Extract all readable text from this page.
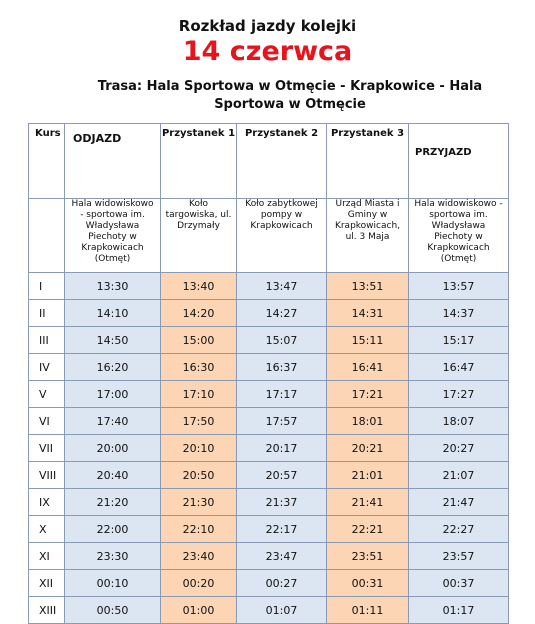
Rozkład jazdy kolejki
14 czerwca
Trasa: Hala Sportowa w Otmęcie - Krapkowice - Hala Sportowa w Otmęcie
Kurs	ODJAZD	Przystanek 1	Przystanek 2	Przystanek 3	PRZYJAZD

	Hala widowiskowo - sportowa im. Władysława Piechoty w Krapkowicach (Otmęt)	Koło targowiska, ul. Drzymały	Koło zabytkowej pompy w Krapkowicach	Urząd Miasta i Gminy w Krapkowicach, ul. 3 Maja	Hala widowiskowo - sportowa im. Władysława Piechoty w Krapkowicach (Otmęt)

I	13:30	13:40	13:47	13:51	13:57
II	14:10	14:20	14:27	14:31	14:37
III	14:50	15:00	15:07	15:11	15:17
IV	16:20	16:30	16:37	16:41	16:47
V	17:00	17:10	17:17	17:21	17:27
VI	17:40	17:50	17:57	18:01	18:07
VII	20:00	20:10	20:17	20:21	20:27
VIII	20:40	20:50	20:57	21:01	21:07
IX	21:20	21:30	21:37	21:41	21:47
X	22:00	22:10	22:17	22:21	22:27
XI	23:30	23:40	23:47	23:51	23:57
XII	00:10	00:20	00:27	00:31	00:37
XIII	00:50	01:00	01:07	01:11	01:17
